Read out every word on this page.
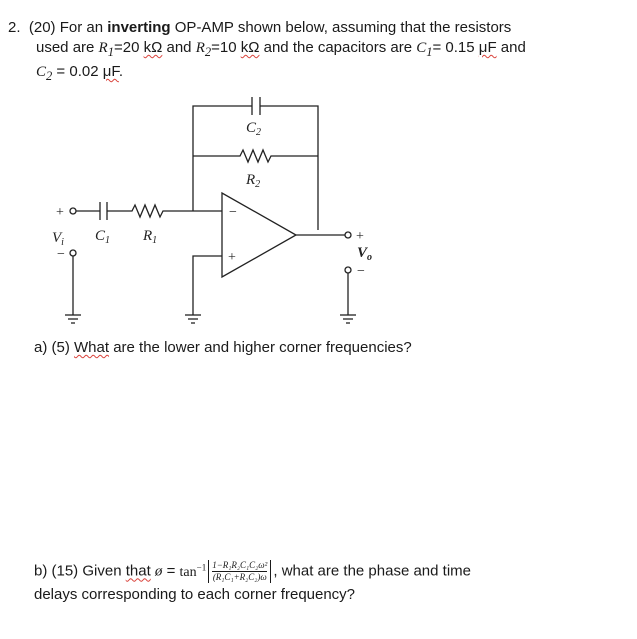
2. (20) For an inverting OP-AMP shown below, assuming that the resistors
used are $R_1=20$ kΩ and $R_2=10$ kΩ and the capacitors are $C_1= 0.15$ μF and
$C_2 = 0.02$ μF.
$C_2$
$R_2$
$C_1$ $R_1$
$V_i$
$V_o$
+
−
+
−
−
+
a) (5) What are the lower and higher corner frequencies?
b) (15) Given that ø = $\tan^{-1} \frac{\text{1−R₁R₂C₁C₂ω²}}{\text{(R₁C₁+R₂C₂)ω}}$ , what are the phase and time
delays corresponding to each corner frequency?
